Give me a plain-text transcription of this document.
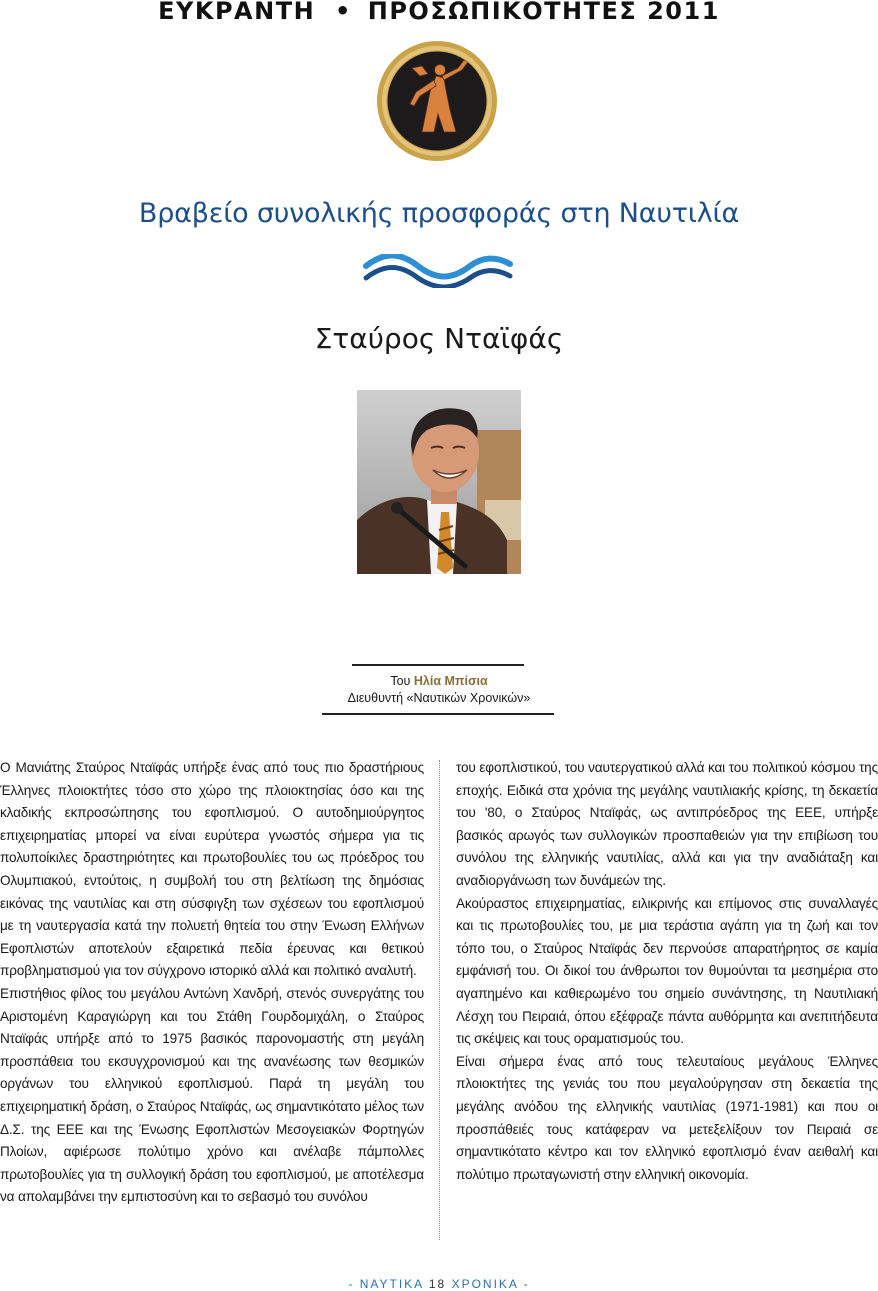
ΕΥΚΡΑΝΤΗ • ΠΡΟΣΩΠΙΚΟΤΗΤΕΣ 2011
Βραβείο συνολικής προσφοράς στη Ναυτιλία
Σταύρος Νταϊφάς
Του Ηλία Μπίσια
Διευθυντή «Ναυτικών Χρονικών»

Ο Μανιάτης Σταύρος Νταϊφάς υπήρξε ένας από τους πιο δραστήριους Έλληνες πλοιοκτήτες τόσο στο χώρο της πλοιοκτησίας όσο και της κλαδικής εκπροσώπησης του εφοπλισμού. Ο αυτοδημιούργητος επιχειρηματίας μπορεί να είναι ευρύτερα γνωστός σήμερα για τις πολυποίκιλες δραστηριότητες και πρωτοβουλίες του ως πρόεδρος του Ολυμπιακού, εντούτοις, η συμβολή του στη βελτίωση της δημόσιας εικόνας της ναυτιλίας και στη σύσφιγξη των σχέσεων του εφοπλισμού με τη ναυτεργασία κατά την πολυετή θητεία του στην Ένωση Ελλήνων Εφοπλιστών αποτελούν εξαιρετικά πεδία έρευνας και θετικού προβληματισμού για τον σύγχρονο ιστορικό αλλά και πολιτικό αναλυτή.

Επιστήθιος φίλος του μεγάλου Αντώνη Χανδρή, στενός συνεργάτης του Αριστομένη Καραγιώργη και του Στάθη Γουρδομιχάλη, ο Σταύρος Νταϊφάς υπήρξε από το 1975 βασικός παρονομαστής στη μεγάλη προσπάθεια του εκσυγχρονισμού και της ανανέωσης των θεσμικών οργάνων του ελληνικού εφοπλισμού. Παρά τη μεγάλη του επιχειρηματική δράση, ο Σταύρος Νταϊφάς, ως σημαντικότατο μέλος των Δ.Σ. της ΕΕΕ και της Ένωσης Εφοπλιστών Μεσογειακών Φορτηγών Πλοίων, αφιέρωσε πολύτιμο χρόνο και ανέλαβε πάμπολλες πρωτοβουλίες για τη συλλογική δράση του εφοπλισμού, με αποτέλεσμα να απολαμβάνει την εμπιστοσύνη και το σεβασμό του συνόλου

του εφοπλιστικού, του ναυτεργατικού αλλά και του πολιτικού κόσμου της εποχής. Ειδικά στα χρόνια της μεγάλης ναυτιλιακής κρίσης, τη δεκαετία του '80, ο Σταύρος Νταϊφάς, ως αντιπρόεδρος της ΕΕΕ, υπήρξε βασικός αρωγός των συλλογικών προσπαθειών για την επιβίωση του συνόλου της ελληνικής ναυτιλίας, αλλά και για την αναδιάταξη και αναδιοργάνωση των δυνάμεών της.

Ακούραστος επιχειρηματίας, ειλικρινής και επίμονος στις συναλλαγές και τις πρωτοβουλίες του, με μια τεράστια αγάπη για τη ζωή και τον τόπο του, ο Σταύρος Νταϊφάς δεν περνούσε απαρατήρητος σε καμία εμφάνισή του. Οι δικοί του άνθρωποι τον θυμούνται τα μεσημέρια στο αγαπημένο και καθιερωμένο του σημείο συνάντησης, τη Ναυτιλιακή Λέσχη του Πειραιά, όπου εξέφραζε πάντα αυθόρμητα και ανεπιτήδευτα τις σκέψεις και τους οραματισμούς του.

Είναι σήμερα ένας από τους τελευταίους μεγάλους Έλληνες πλοιοκτήτες της γενιάς του που μεγαλούργησαν στη δεκαετία της μεγάλης ανόδου της ελληνικής ναυτιλίας (1971-1981) και που οι προσπάθειές τους κατάφεραν να μετεξελίξουν τον Πειραιά σε σημαντικότατο κέντρο και τον ελληνικό εφοπλισμό έναν αειθαλή και πολύτιμο πρωταγωνιστή στην ελληνική οικονομία.

- ΝΑΥΤΙΚΑ 18 ΧΡΟΝΙΚΑ -
